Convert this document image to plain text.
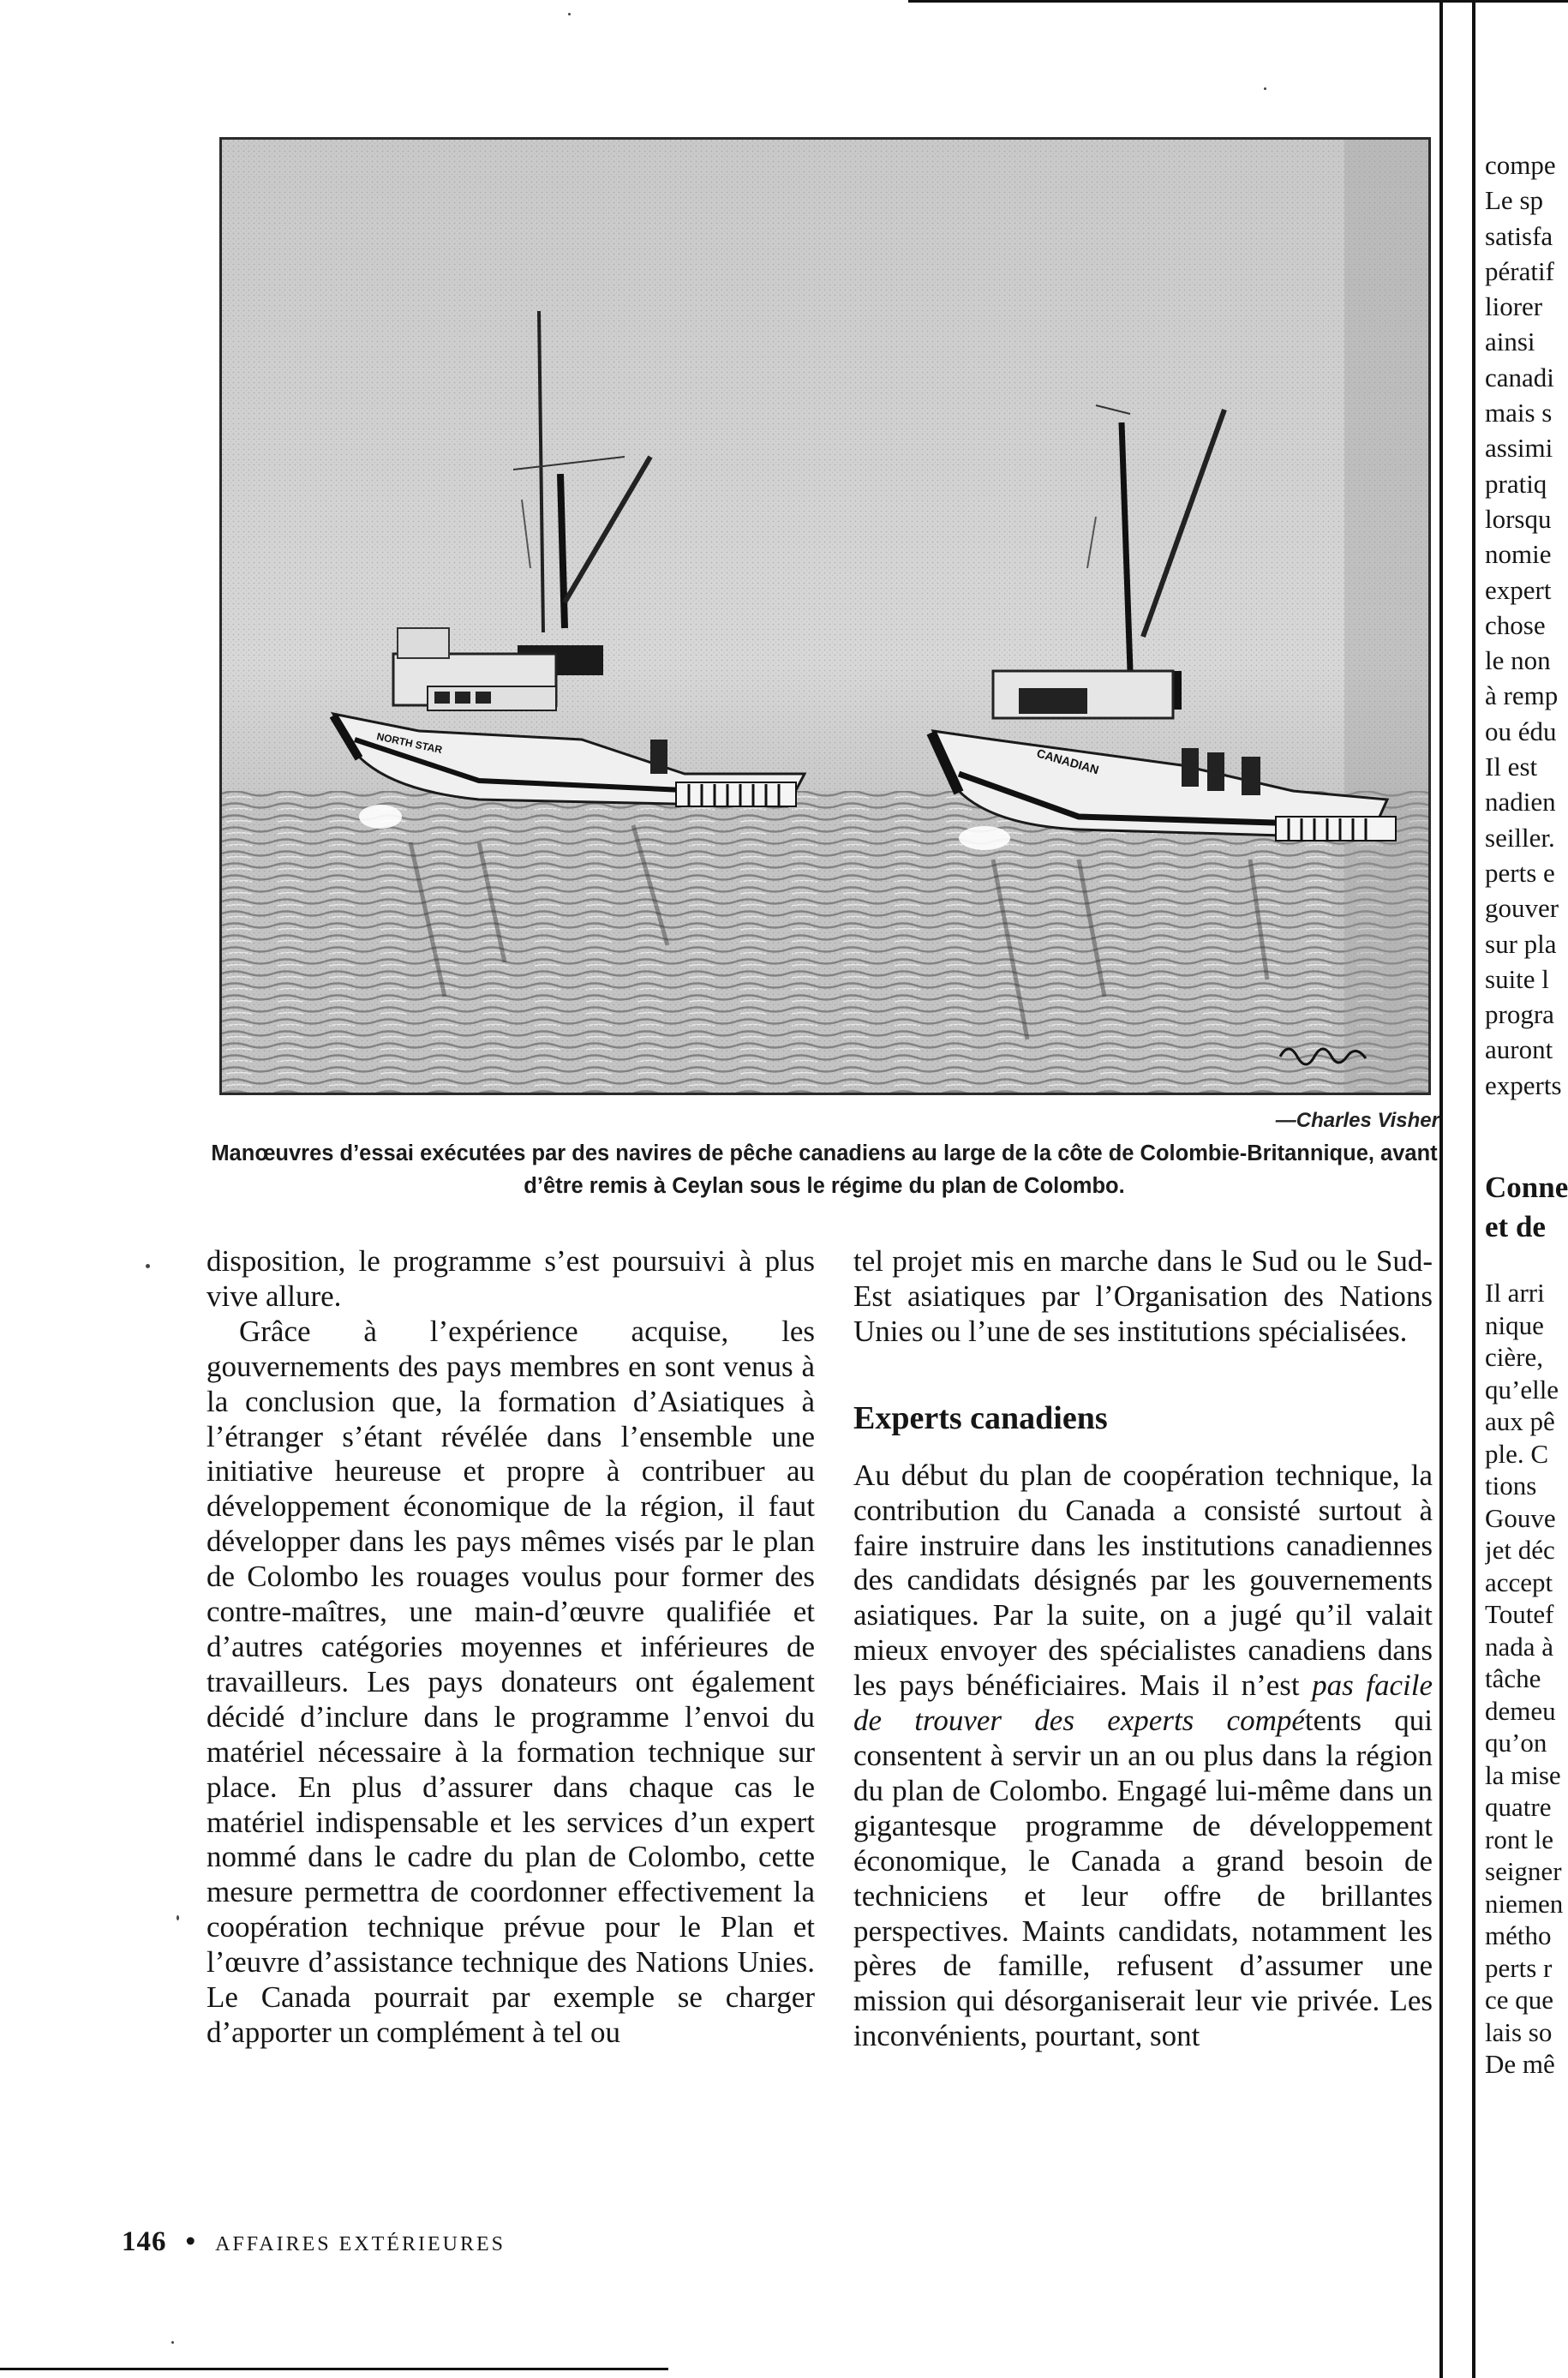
NORTH STAR
CANADIAN
—Charles Visher
Manœuvres d’essai exécutées par des navires de pêche canadiens au large de la côte de Colombie-Britannique, avant d’être remis à Ceylan sous le régime du plan de Colombo.

disposition, le programme s’est poursuivi à plus vive allure.

Grâce à l’expérience acquise, les gouvernements des pays membres en sont venus à la conclusion que, la formation d’Asiatiques à l’étranger s’étant révélée dans l’ensemble une initiative heureuse et propre à contribuer au développement économique de la région, il faut développer dans les pays mêmes visés par le plan de Colombo les rouages voulus pour former des contre-maîtres, une main-d’œuvre qualifiée et d’autres catégories moyennes et inférieures de travailleurs. Les pays donateurs ont également décidé d’inclure dans le programme l’envoi du matériel nécessaire à la formation technique sur place. En plus d’assurer dans chaque cas le matériel indispensable et les services d’un expert nommé dans le cadre du plan de Colombo, cette mesure permettra de coordonner effectivement la coopération technique prévue pour le Plan et l’œuvre d’assistance technique des Nations Unies. Le Canada pourrait par exemple se charger d’apporter un complément à tel ou

tel projet mis en marche dans le Sud ou le Sud-Est asiatiques par l’Organisation des Nations Unies ou l’une de ses institutions spécialisées.

Experts canadiens

Au début du plan de coopération technique, la contribution du Canada a consisté surtout à faire instruire dans les institutions canadiennes des candidats désignés par les gouvernements asiatiques. Par la suite, on a jugé qu’il valait mieux envoyer des spécialistes canadiens dans les pays bénéficiaires. Mais il n’est pas facile de trouver des experts compétents qui consentent à servir un an ou plus dans la région du plan de Colombo. Engagé lui-même dans un gigantesque programme de développement économique, le Canada a grand besoin de techniciens et leur offre de brillantes perspectives. Maints candidats, notamment les pères de famille, refusent d’assumer une mission qui désorganiserait leur vie privée. Les inconvénients, pourtant, sont

146 • AFFAIRES EXTÉRIEURES
compe
Le sp
satisfa
pératif
liorer
ainsi
canadi
mais s
assimi
pratiq
lorsqu
nomie
expert
chose
le non
à remp
ou édu
Il est
nadien
seiller.
perts e
gouver
sur pla
suite l
progra
auront
experts
Conne
et de
Il arri
nique
cière,
qu’elle
aux pê
ple. C
tions
Gouve
jet déc
accept
Toutef
nada à
tâche
demeu
qu’on
la mise
quatre
ront le
seigner
niemen
métho
perts r
ce que
lais so
De mê
